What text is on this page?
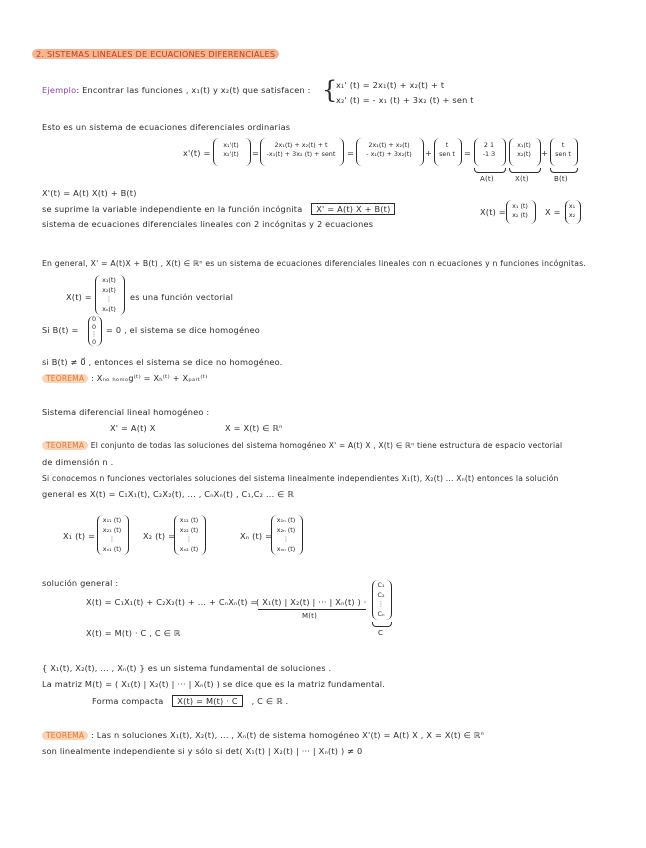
2. SISTEMAS LINEALES DE ECUACIONES DIFERENCIALES
Ejemplo: Encontrar las funciones , x₁(t) y x₂(t) que satisfacen : {
x₁' (t) = 2x₁(t) + x₂(t) + t
x₂' (t) = - x₁ (t) + 3x₂ (t) + sen t
Esto es un sistema de ecuaciones diferenciales ordinarias
x'(t) =
x₁'(t)
x₂'(t)	=
2x₁(t) + x₂(t) + t
-x₁(t) + 3x₂ (t) + sent	=
2x₁(t) + x₂(t)
- x₁(t) + 3x₂(t)	+
t
sen t	=
2 1
-1 3
x₁(t)
x₂(t)	+
t
sen t
A(t)	X(t)	B(t)
X'(t) = A(t) X(t) + B(t)
se suprime la variable independiente en la función incógnita X' = A(t) X + B(t)
sistema de ecuaciones diferenciales lineales con 2 incógnitas y 2 ecuaciones
X(t) =
x₁ (t)
x₂ (t)	X =
x₁
x₂
En general, X' = A(t)X + B(t) , X(t) ∈ ℝⁿ es un sistema de ecuaciones diferenciales lineales con n ecuaciones y n funciones incógnitas.
X(t) =
x₁(t)
x₂(t)
⋮
xₙ(t)
es una función vectorial
Si B(t) =
0
0
⋮
0
= 0 , el sistema se dice homogéneo
si B(t) ≠ 0⃗ , entonces el sistema se dice no homogéneo.
TEOREMA : Xₙₒ ₕₒₘₒg⁽ᵗ⁾ = Xₕ⁽ᵗ⁾ + Xₚₐᵣₜ⁽ᵗ⁾
Sistema diferencial lineal homogéneo :
X' = A(t) X	X = X(t) ∈ ℝⁿ
TEOREMA El conjunto de todas las soluciones del sistema homogéneo X' = A(t) X , X(t) ∈ ℝⁿ tiene estructura de espacio vectorial
de dimensión n .
Si conocemos n funciones vectoriales soluciones del sistema linealmente independientes Χ₁(t), Χ₂(t) ... Χₙ(t) entonces la solución
general es X(t) = C₁Χ₁(t), C₂Χ₂(t), ... , CₙΧₙ(t) , C₁,C₂ ... ∈ ℝ
Χ₁ (t) =
x₁₁ (t)
x₂₁ (t)
⋮
xₙ₁ (t)
Χ₂ (t) =
x₁₂ (t)
x₂₂ (t)
⋮
xₙ₂ (t)
Χₙ (t) =
x₁ₙ (t)
x₂ₙ (t)
⋮
xₙₙ (t)
solución general :
Χ(t) = C₁Χ₁(t) + C₂Χ₂(t) + ... + CₙΧₙ(t) =
( Χ₁(t) | Χ₂(t) | ··· | Χₙ(t) ) ·
M(t)
C₁
C₂
⋮
Cₙ
C
Χ(t) = M(t) · C , C ∈ ℝ
{ Χ₁(t), Χ₂(t), ... , Χₙ(t) } es un sistema fundamental de soluciones .
La matriz M(t) = ( Χ₁(t) | Χ₂(t) | ··· | Χₙ(t) ) se dice que es la matriz fundamental.
Forma compacta Χ(t) = M(t) · C , C ∈ ℝ .
TEOREMA : Las n soluciones Χ₁(t), Χ₂(t), ... , Χₙ(t) de sistema homogéneo Χ'(t) = A(t) Χ , Χ = Χ(t) ∈ ℝⁿ
son linealmente independiente si y sólo si det( Χ₁(t) | Χ₂(t) | ··· | Χₙ(t) ) ≠ 0
